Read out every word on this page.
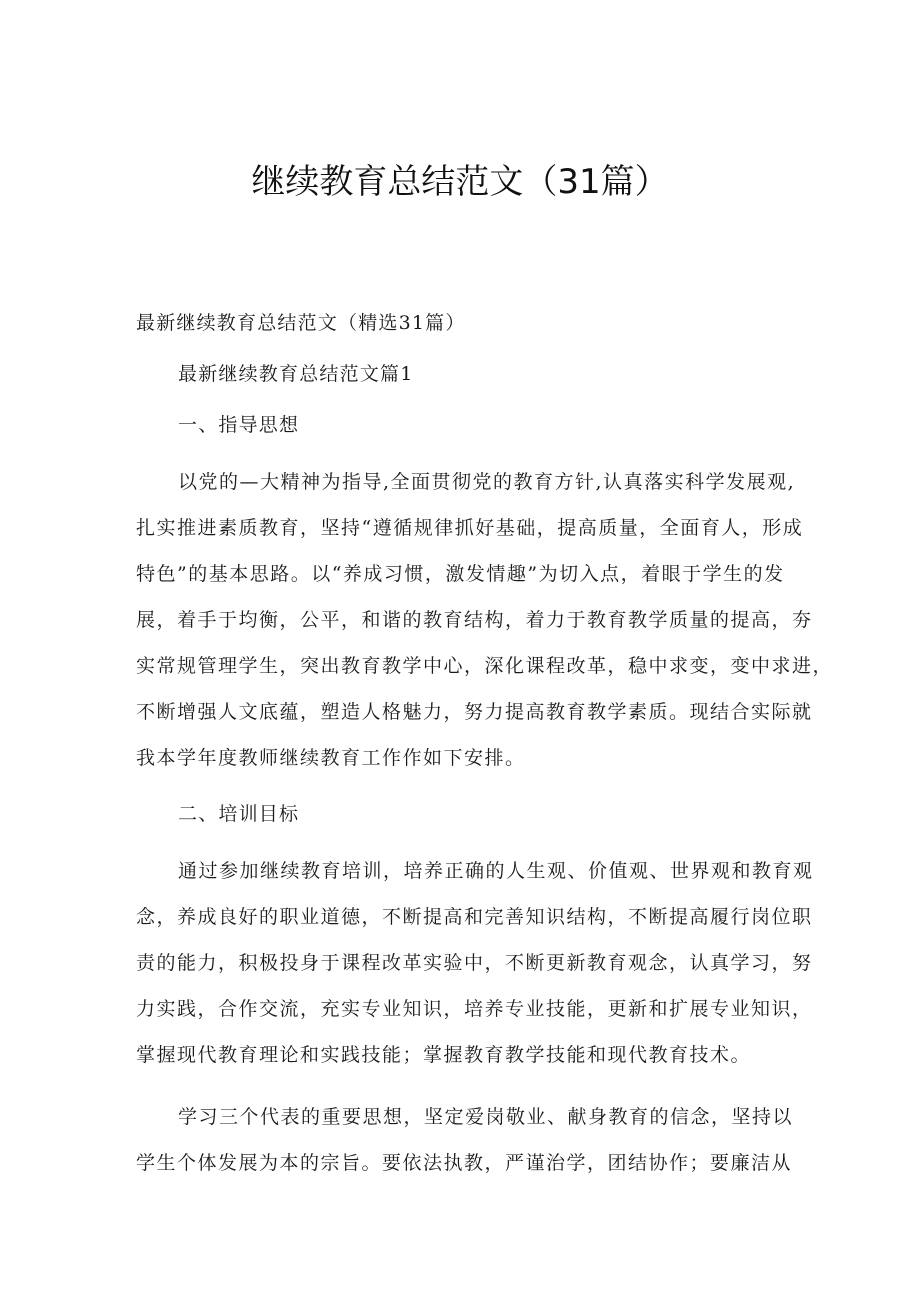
继续教育总结范文（31篇）
最新继续教育总结范文（精选31篇）
最新继续教育总结范文篇1
一、指导思想
以党的—大精神为指导,全面贯彻党的教育方针,认真落实科学发展观,
扎实推进素质教育，坚持“遵循规律抓好基础，提高质量，全面育人，形成
特色”的基本思路。以“养成习惯，激发情趣”为切入点，着眼于学生的发
展，着手于均衡，公平，和谐的教育结构，着力于教育教学质量的提高，夯
实常规管理学生，突出教育教学中心，深化课程改革，稳中求变，变中求进，
不断增强人文底蕴，塑造人格魅力，努力提高教育教学素质。现结合实际就
我本学年度教师继续教育工作作如下安排。
二、培训目标
通过参加继续教育培训，培养正确的人生观、价值观、世界观和教育观
念，养成良好的职业道德，不断提高和完善知识结构，不断提高履行岗位职
责的能力，积极投身于课程改革实验中，不断更新教育观念，认真学习，努
力实践，合作交流，充实专业知识，培养专业技能，更新和扩展专业知识，
掌握现代教育理论和实践技能；掌握教育教学技能和现代教育技术。
学习三个代表的重要思想，坚定爱岗敬业、献身教育的信念，坚持以
学生个体发展为本的宗旨。要依法执教，严谨治学，团结协作；要廉洁从
